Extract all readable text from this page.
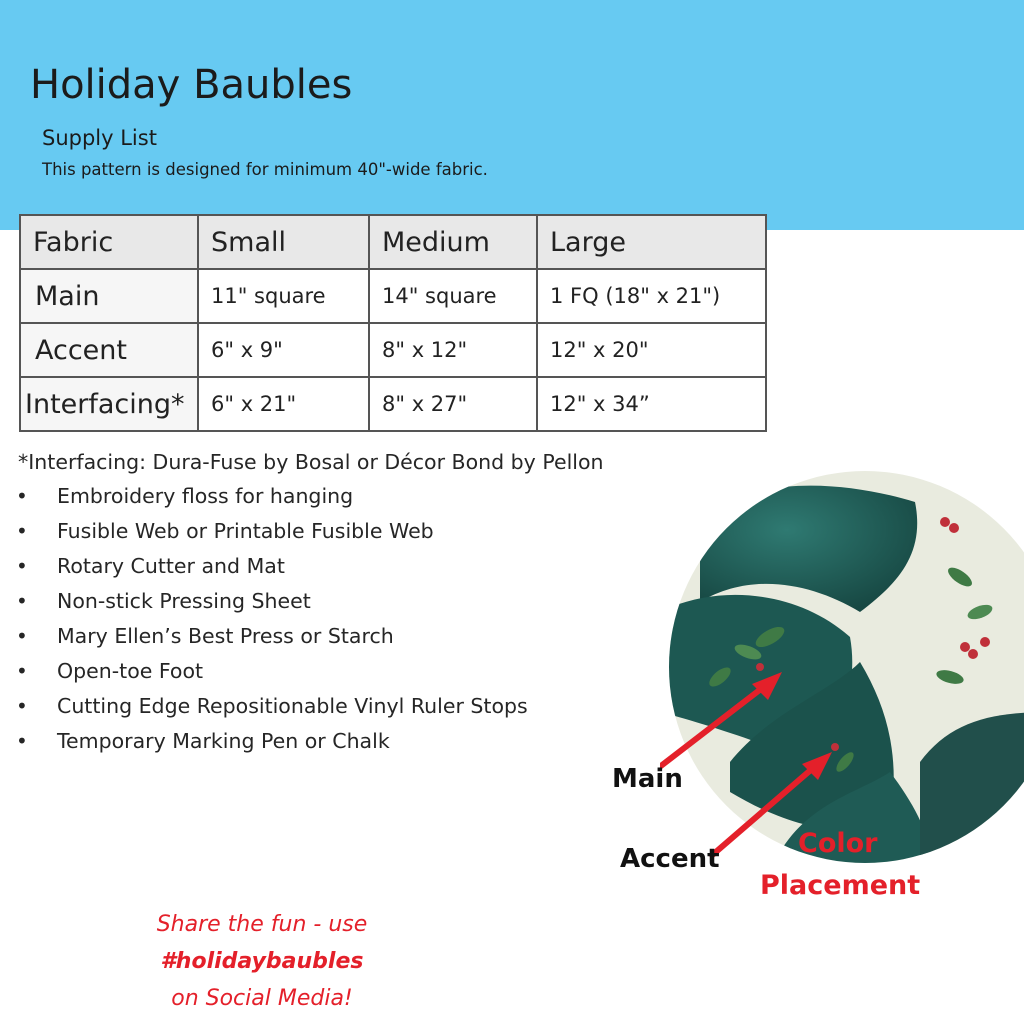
Holiday Baubles
Supply List
This pattern is designed for minimum 40"-wide fabric.
Fabric	Small	Medium	Large
Main	11" square	14" square	1 FQ (18" x 21")
Accent	6" x 9"	8" x 12"	12" x 20"
Interfacing*	6" x 21"	8" x 27"	12" x 34”
*Interfacing: Dura-Fuse by Bosal or Décor Bond by Pellon
• Embroidery floss for hanging
• Fusible Web or Printable Fusible Web
• Rotary Cutter and Mat
• Non-stick Pressing Sheet
• Mary Ellen’s Best Press or Starch
• Open-toe Foot
• Cutting Edge Repositionable Vinyl Ruler Stops
• Temporary Marking Pen or Chalk
Main
Accent	Color
Placement
Share the fun - use
#holidaybaubles
on Social Media!
